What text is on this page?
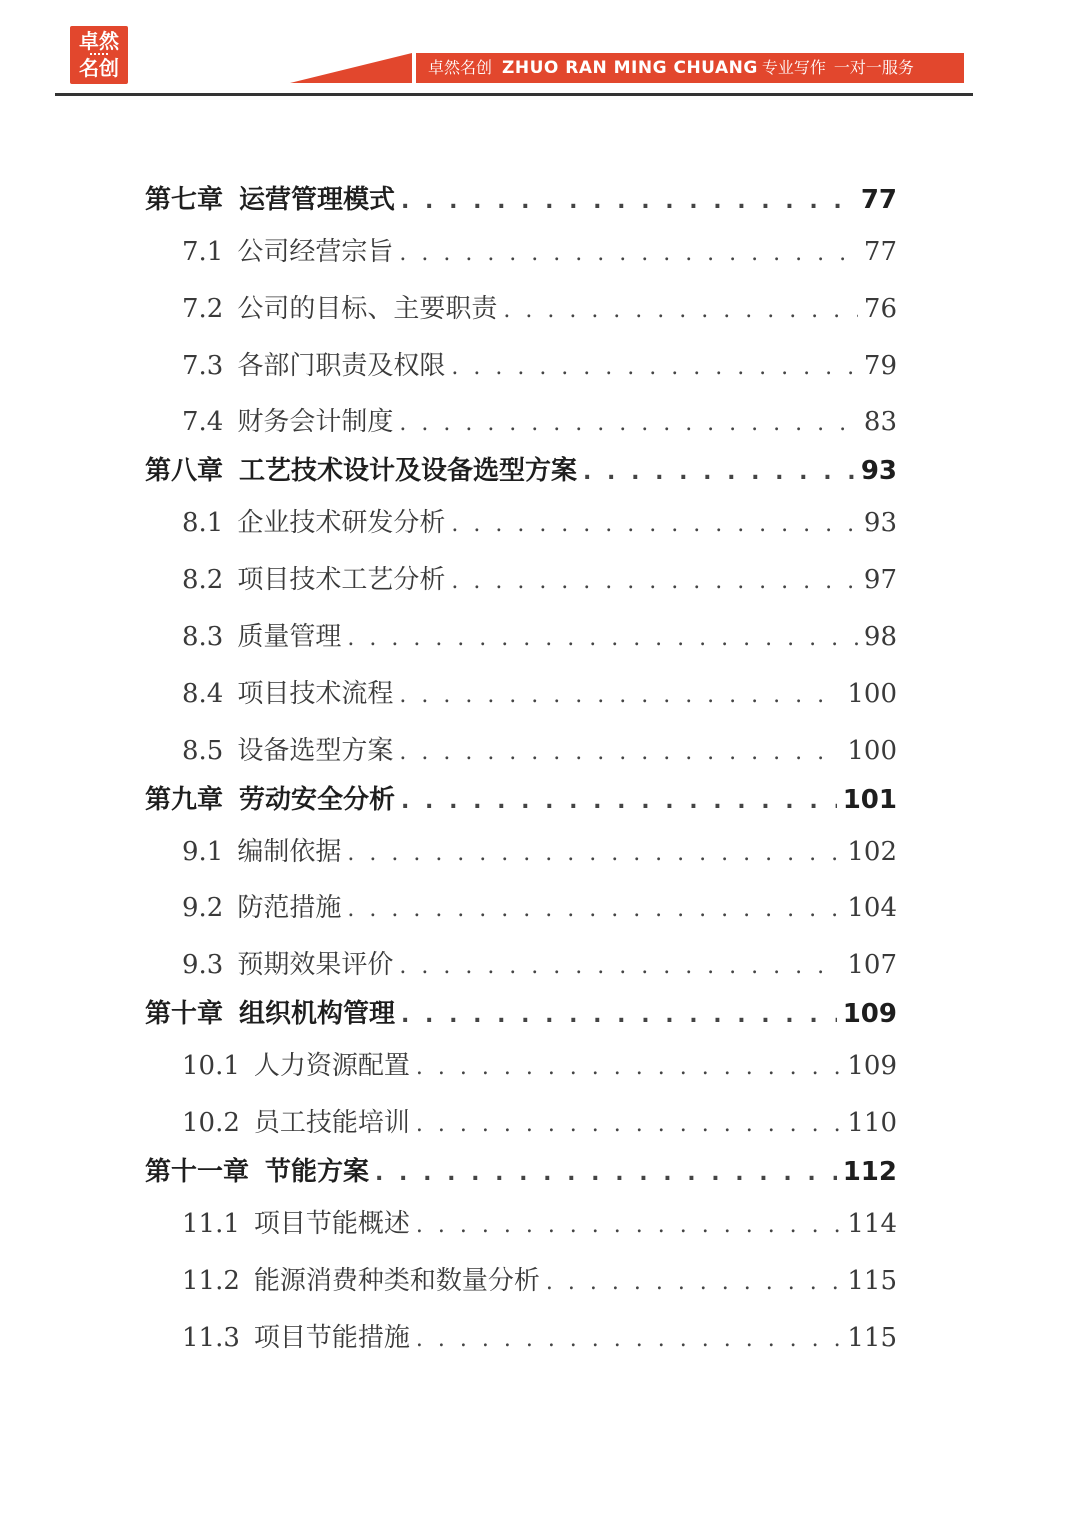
卓然
名创	卓然名创 ZHUO RAN MING CHUANG 专业写作 一对一服务
第七章 运营管理模式 . . .	77
7.1 公司经营宗旨 . . .	77
7.2 公司的目标、主要职责 . . .	76
7.3 各部门职责及权限 . . .	79
7.4 财务会计制度 . . .	83
第八章 工艺技术设计及设备选型方案 . . .	93
8.1 企业技术研发分析 . . .	93
8.2 项目技术工艺分析 . . .	97
8.3 质量管理 . . .	98
8.4 项目技术流程 . . .	100
8.5 设备选型方案 . . .	100
第九章 劳动安全分析 . . .	101
9.1 编制依据 . . .	102
9.2 防范措施 . . .	104
9.3 预期效果评价 . . .	107
第十章 组织机构管理 . . .	109
10.1 人力资源配置 . . .	109
10.2 员工技能培训 . . .	110
第十一章 节能方案 . . .	112
11.1 项目节能概述 . . .	114
11.2 能源消费种类和数量分析 . . .	115
11.3 项目节能措施 . . .	115
